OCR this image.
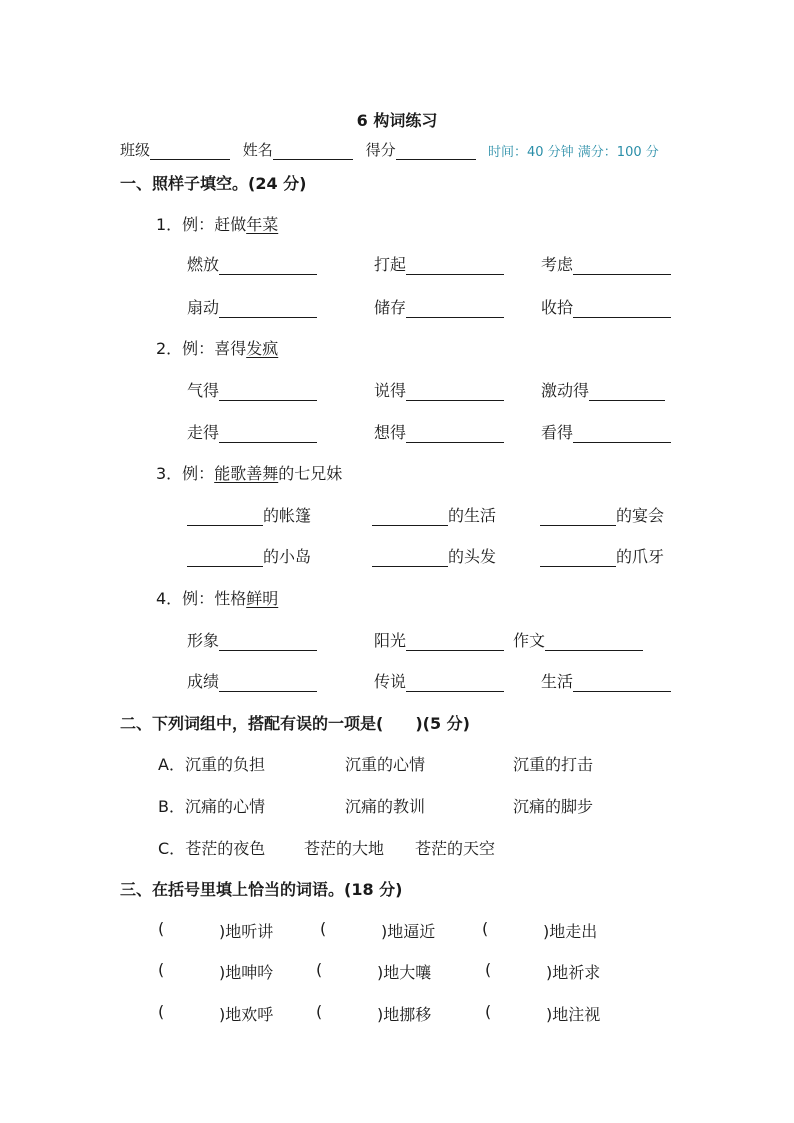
6 构词练习
班级	姓名	得分	时间：40 分钟 满分：100 分
一、照样子填空。(24 分)
1．例：赶做年菜
燃放	打起	考虑
扇动	储存	收拾
2．例：喜得发疯
气得	说得	激动得
走得	想得	看得
3．例：能歌善舞的七兄妹
的帐篷	的生活	的宴会
的小岛	的头发	的爪牙
4．例：性格鲜明
形象	阳光	作文
成绩	传说	生活
二、下列词组中，搭配有误的一项是(　　)(5 分)
A．沉重的负担	沉重的心情	沉重的打击
B．沉痛的心情	沉痛的教训	沉痛的脚步
C．苍茫的夜色 苍茫的大地 苍茫的天空
三、在括号里填上恰当的词语。(18 分)
(	)地听讲	(	)地逼近	(	)地走出
(	)地呻吟	(	)地大嚷	(	)地祈求
(	)地欢呼	(	)地挪移	(	)地注视
